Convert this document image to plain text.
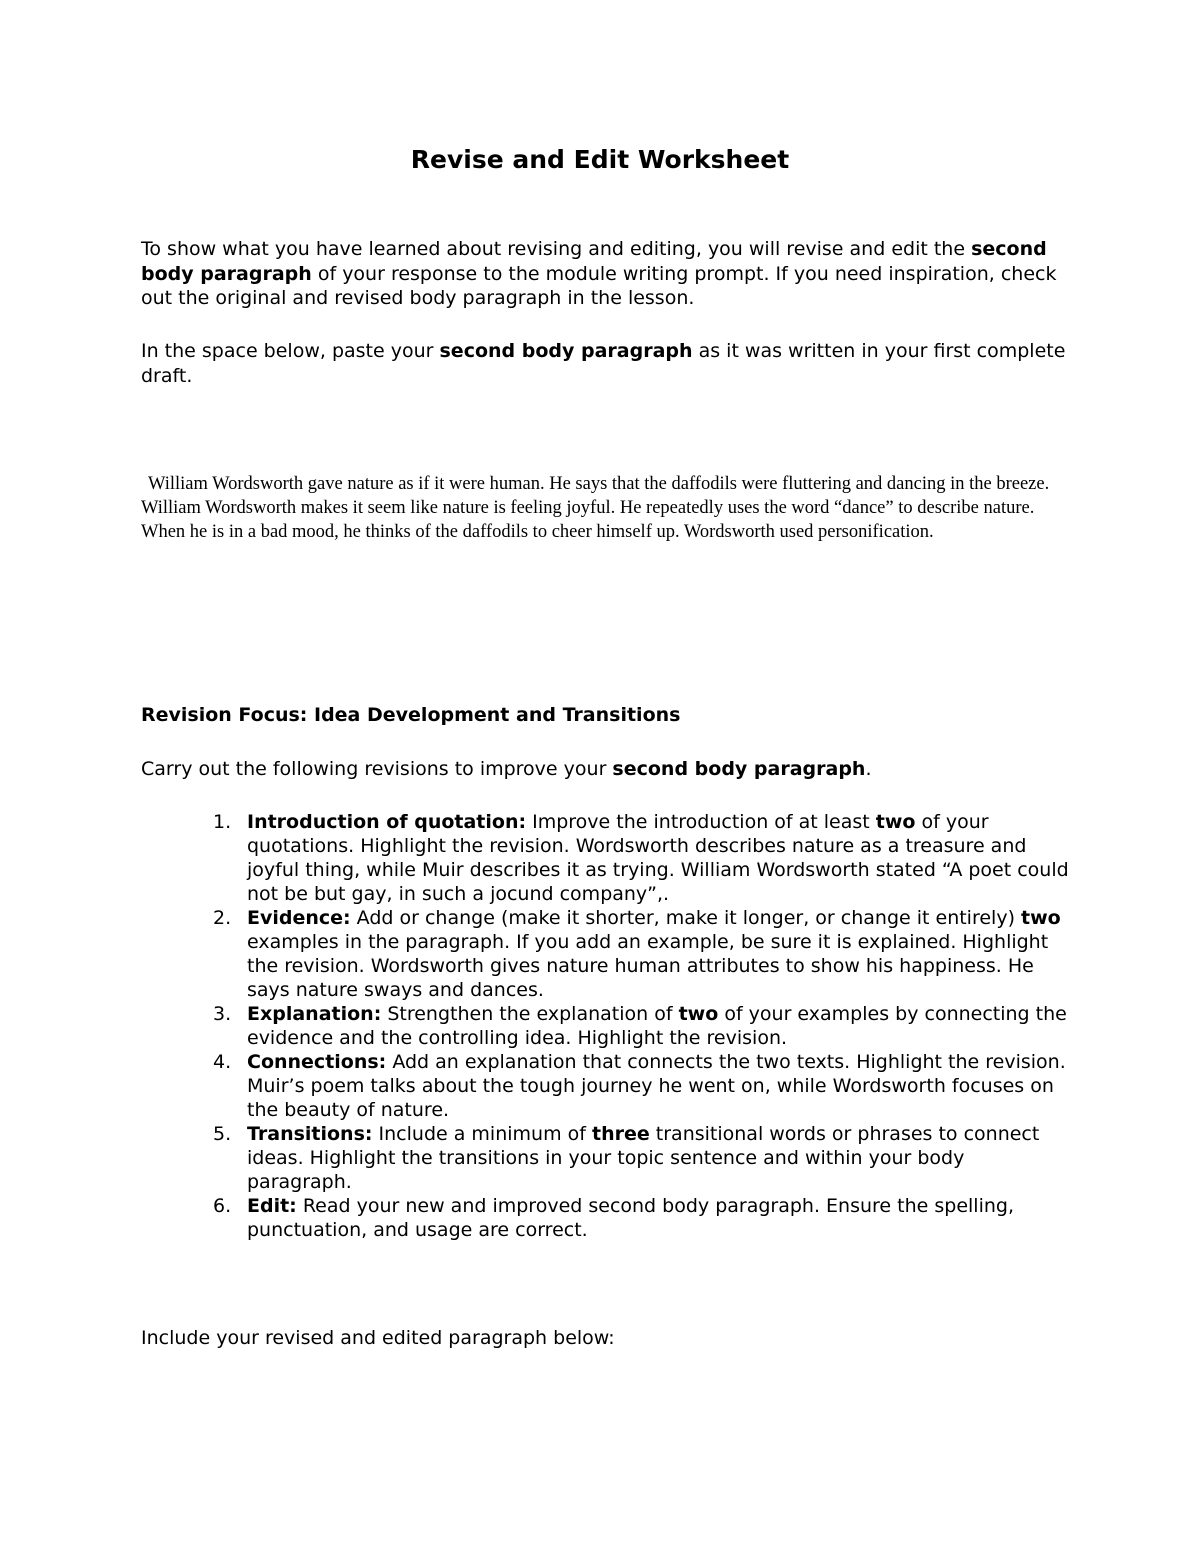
Revise and Edit Worksheet

To show what you have learned about revising and editing, you will revise and edit the second body paragraph of your response to the module writing prompt. If you need inspiration, check out the original and revised body paragraph in the lesson.

In the space below, paste your second body paragraph as it was written in your first complete draft.

William Wordsworth gave nature as if it were human. He says that the daffodils were fluttering and dancing in the breeze. William Wordsworth makes it seem like nature is feeling joyful. He repeatedly uses the word “dance” to describe nature. When he is in a bad mood, he thinks of the daffodils to cheer himself up. Wordsworth used personification.

Revision Focus: Idea Development and Transitions

Carry out the following revisions to improve your second body paragraph.

1. Introduction of quotation: Improve the introduction of at least two of your quotations. Highlight the revision. Wordsworth describes nature as a treasure and joyful thing, while Muir describes it as trying. William Wordsworth stated “A poet could not be but gay, in such a jocund company”,.
2. Evidence: Add or change (make it shorter, make it longer, or change it entirely) two examples in the paragraph. If you add an example, be sure it is explained. Highlight the revision. Wordsworth gives nature human attributes to show his happiness. He says nature sways and dances.
3. Explanation: Strengthen the explanation of two of your examples by connecting the evidence and the controlling idea. Highlight the revision.
4. Connections: Add an explanation that connects the two texts. Highlight the revision. Muir’s poem talks about the tough journey he went on, while Wordsworth focuses on the beauty of nature.
5. Transitions: Include a minimum of three transitional words or phrases to connect ideas. Highlight the transitions in your topic sentence and within your body paragraph.
6. Edit: Read your new and improved second body paragraph. Ensure the spelling, punctuation, and usage are correct.

Include your revised and edited paragraph below:
